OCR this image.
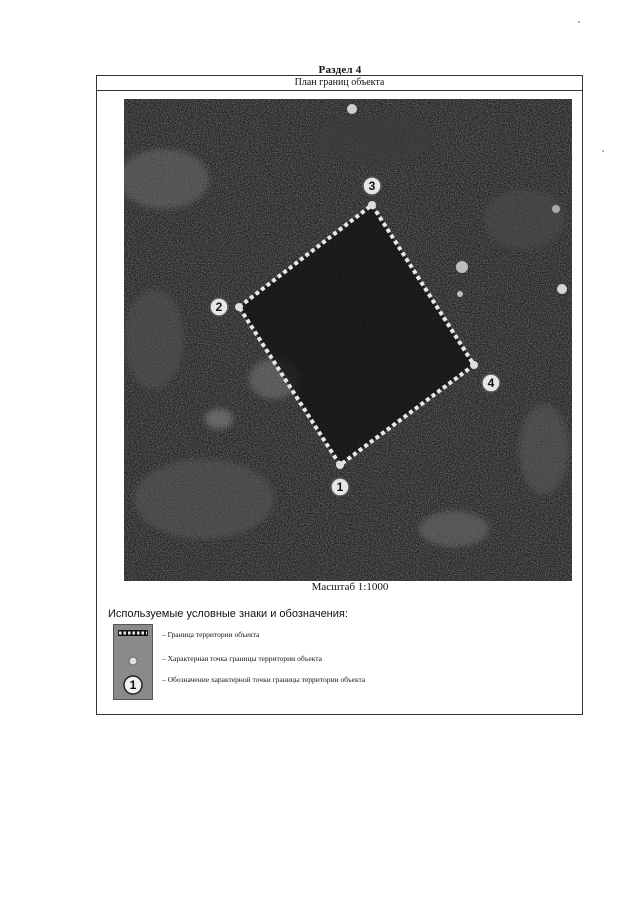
Раздел 4
План границ объекта
1
2
3
4
Масштаб 1:1000
Используемые условные знаки и обозначения:
1
– Граница территории объекта
– Характерная точка границы территории объекта
– Обозначение характерной точки границы территории объекта
